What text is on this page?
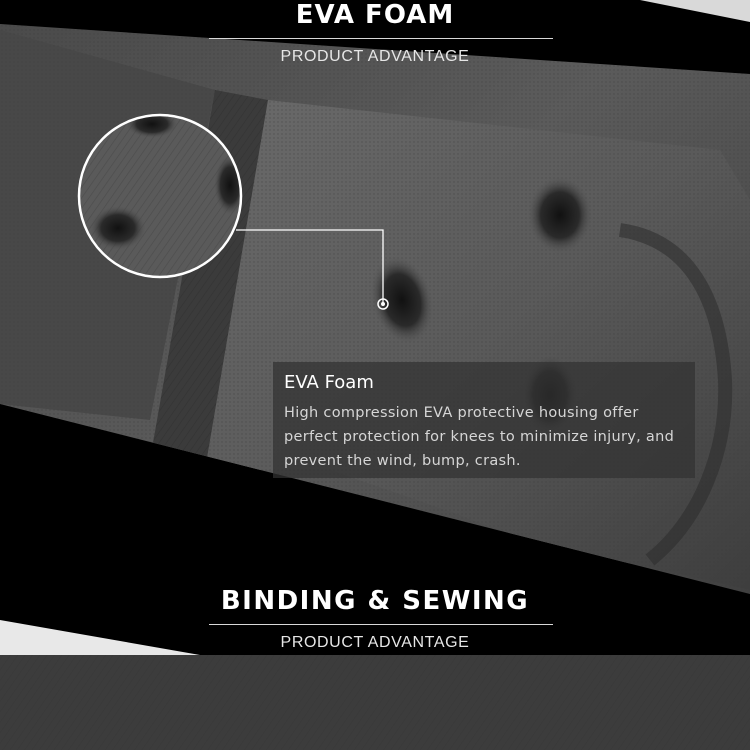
EVA FOAM
PRODUCT ADVANTAGE

EVA Foam

High compression EVA protective housing offer perfect protection for knees to minimize injury, and prevent the wind, bump, crash.

BINDING & SEWING
PRODUCT ADVANTAGE
